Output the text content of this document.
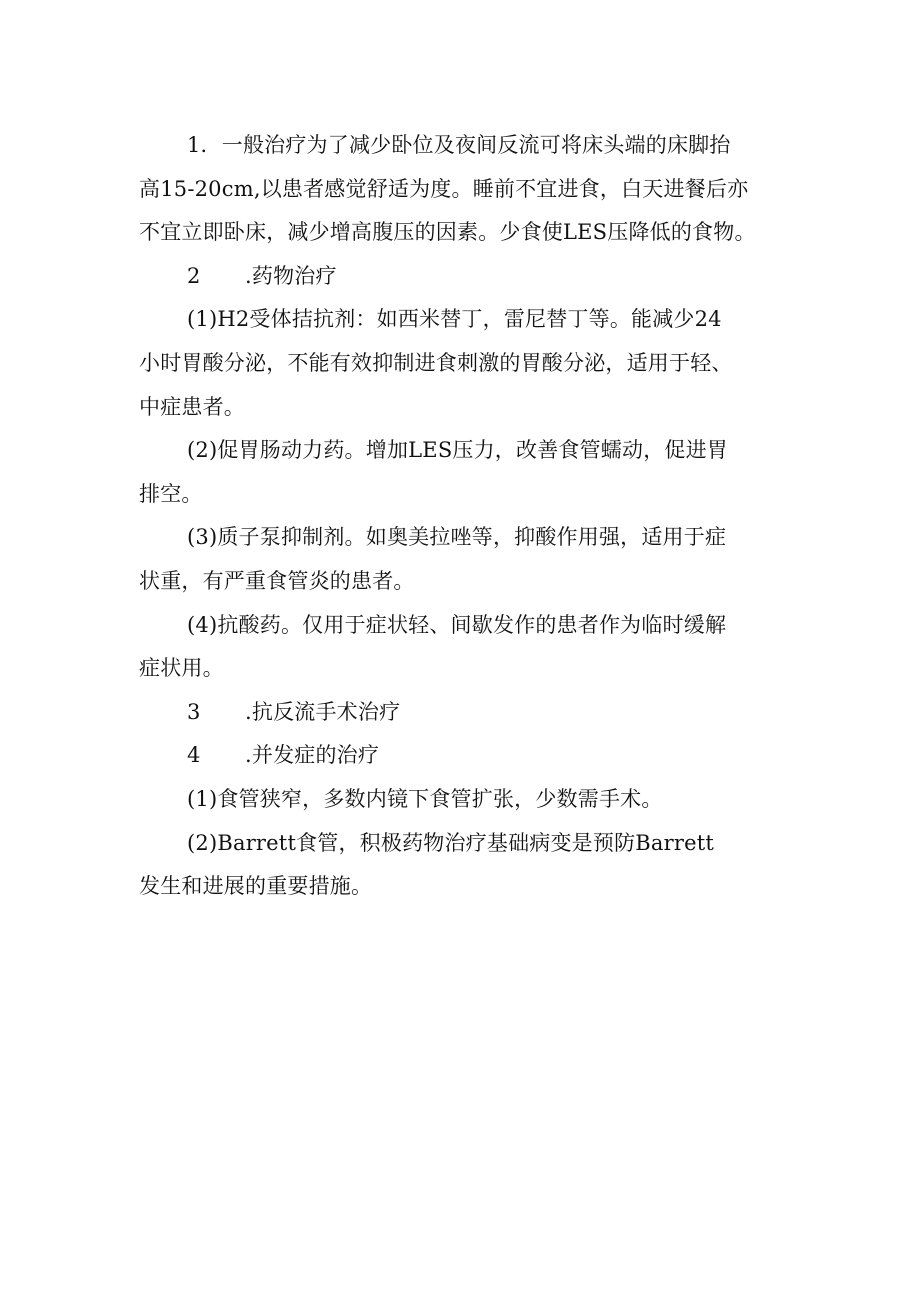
1．一般治疗为了减少卧位及夜间反流可将床头端的床脚抬
高15-20cm,以患者感觉舒适为度。睡前不宜进食，白天进餐后亦
不宜立即卧床，减少增高腹压的因素。少食使LES压降低的食物。
2 .药物治疗
(1)H2受体拮抗剂：如西米替丁，雷尼替丁等。能减少24
小时胃酸分泌，不能有效抑制进食刺激的胃酸分泌，适用于轻、
中症患者。
(2)促胃肠动力药。增加LES压力，改善食管蠕动，促进胃
排空。
(3)质子泵抑制剂。如奥美拉唑等，抑酸作用强，适用于症
状重，有严重食管炎的患者。
(4)抗酸药。仅用于症状轻、间歇发作的患者作为临时缓解
症状用。
3 .抗反流手术治疗
4 .并发症的治疗
(1)食管狭窄，多数内镜下食管扩张，少数需手术。
(2)Barrett食管，积极药物治疗基础病变是预防Barrett
发生和进展的重要措施。
